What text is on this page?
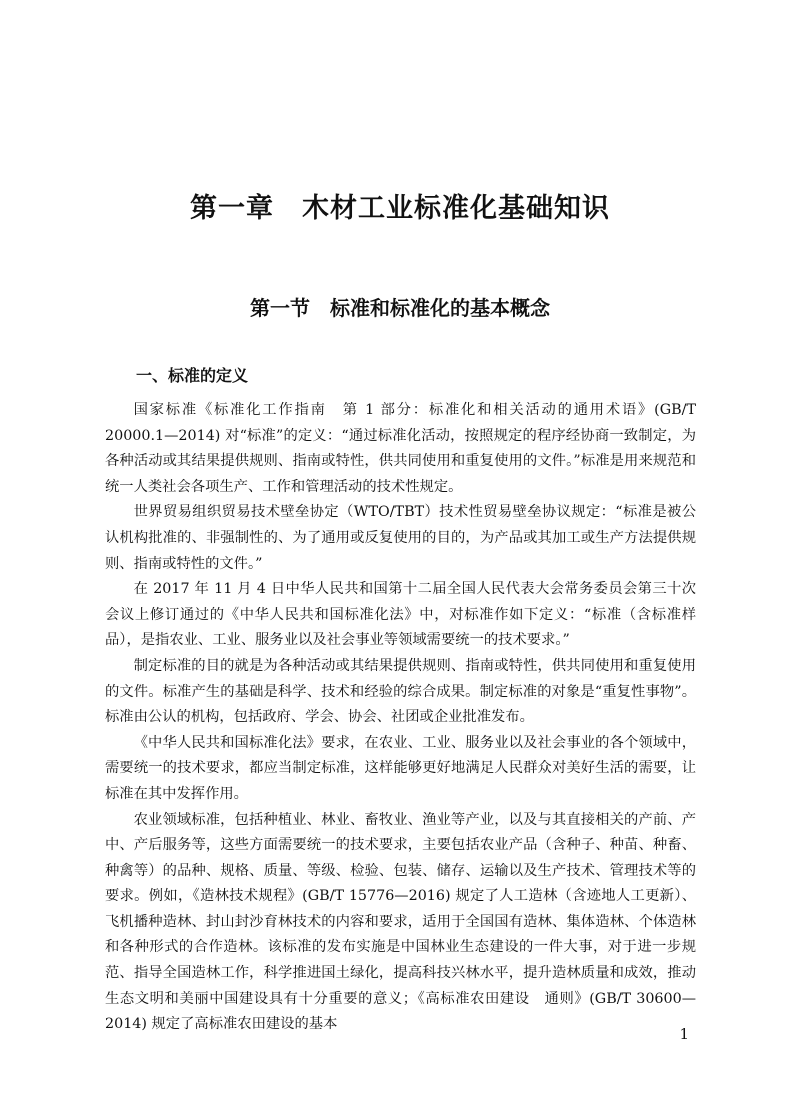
第一章　木材工业标准化基础知识
第一节　标准和标准化的基本概念
一、标准的定义

国家标准《标准化工作指南　第 1 部分：标准化和相关活动的通用术语》(GB/T 20000.1—2014) 对“标准”的定义：“通过标准化活动，按照规定的程序经协商一致制定，为各种活动或其结果提供规则、指南或特性，供共同使用和重复使用的文件。”标准是用来规范和统一人类社会各项生产、工作和管理活动的技术性规定。

世界贸易组织贸易技术壁垒协定（WTO/TBT）技术性贸易壁垒协议规定：“标准是被公认机构批准的、非强制性的、为了通用或反复使用的目的，为产品或其加工或生产方法提供规则、指南或特性的文件。”

在 2017 年 11 月 4 日中华人民共和国第十二届全国人民代表大会常务委员会第三十次会议上修订通过的《中华人民共和国标准化法》中，对标准作如下定义：“标准（含标准样品），是指农业、工业、服务业以及社会事业等领域需要统一的技术要求。”

制定标准的目的就是为各种活动或其结果提供规则、指南或特性，供共同使用和重复使用的文件。标准产生的基础是科学、技术和经验的综合成果。制定标准的对象是“重复性事物”。标准由公认的机构，包括政府、学会、协会、社团或企业批准发布。

《中华人民共和国标准化法》要求，在农业、工业、服务业以及社会事业的各个领域中，需要统一的技术要求，都应当制定标准，这样能够更好地满足人民群众对美好生活的需要，让标准在其中发挥作用。

农业领域标准，包括种植业、林业、畜牧业、渔业等产业，以及与其直接相关的产前、产中、产后服务等，这些方面需要统一的技术要求，主要包括农业产品（含种子、种苗、种畜、种禽等）的品种、规格、质量、等级、检验、包装、储存、运输以及生产技术、管理技术等的要求。例如，《造林技术规程》(GB/T 15776—2016) 规定了人工造林（含迹地人工更新）、飞机播种造林、封山封沙育林技术的内容和要求，适用于全国国有造林、集体造林、个体造林和各种形式的合作造林。该标准的发布实施是中国林业生态建设的一件大事，对于进一步规范、指导全国造林工作，科学推进国土绿化，提高科技兴林水平，提升造林质量和成效，推动生态文明和美丽中国建设具有十分重要的意义；《高标准农田建设　通则》(GB/T 30600—2014) 规定了高标准农田建设的基本

1
